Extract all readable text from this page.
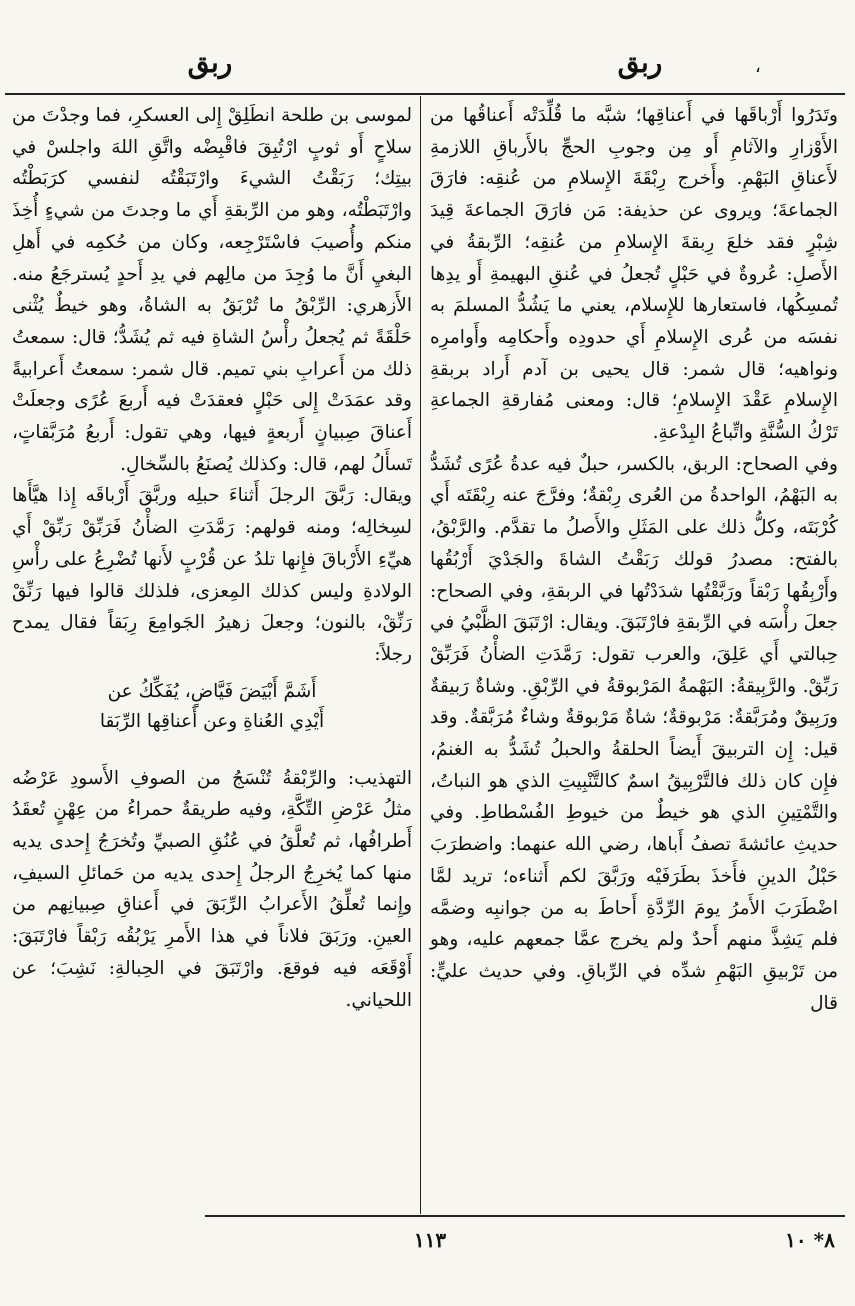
ربق	،
ربق

وتَدَرُوا أَرْباقَها في أَعناقِها؛ شبَّه ما قُلِّدَتْه أَعناقُها من الأَوْزارِ والآثامِ أَو مِن وجوبِ الحجِّ بالأَرباقِ اللازمةِ لأَعناقِ البَهْمِ. وأَخرج رِبْقَةَ الإِسلامِ من عُنقِه: فارَقَ الجماعةَ؛ ويروى عن حذيفة: مَن فارَقَ الجماعةَ قِيدَ شِبْرٍ فقد خلعَ رِبقةَ الإِسلامِ من عُنقِه؛ الرِّبقةُ في الأَصلِ: عُروةٌ في حَبْلٍ تُجعلُ في عُنقِ البهيمةِ أَو يدِها تُمسِكُها، فاستعارها للإِسلام، يعني ما يَشُدُّ المسلمَ به نفسَه من عُرى الإِسلامِ أَي حدودِه وأَحكامِه وأَوامرِه ونواهيه؛ قال شمر: قال يحيى بن آدم أَراد بربقةِ الإِسلامِ عَقْدَ الإِسلامِ؛ قال: ومعنى مُفارقةِ الجماعةِ تَرْكُ السُّنَّةِ واتِّباعُ البِدْعةِ.

وفي الصحاح: الربق، بالكسر، حبلٌ فيه عدةُ عُرًى تُشَدُّ به البَهْمُ، الواحدةُ من العُرى رِبْقةٌ؛ وفرَّجَ عنه رِبْقَتَه أَي كُرْبَتَه، وكلُّ ذلك على المَثَلِ والأَصلُ ما تقدَّم. والرَّبْقُ، بالفتح: مصدرُ قولك رَبَقْتُ الشاةَ والجَدْيَ أَرْبُقُها وأَرْبِقُها رَبْقاً ورَبَّقْتُها شدَدْتُها في الربقةِ، وفي الصحاح: جعلَ رأْسَه في الرِّبقةِ فارْتَبَقَ. ويقال: ارْتَبَقَ الظَّبْيُ في حِبالتي أَي عَلِقَ، والعرب تقول: رَمَّدَتِ الضأْنُ فَرَبِّقْ رَبِّقْ. والرَّبِيقةُ: البَهْمةُ المَرْبوقةُ في الرِّبْقِ. وشاةٌ رَبيقةٌ ورَبِيقٌ ومُرَبَّقةٌ: مَرْبوقةٌ؛ شاةٌ مَرْبوقةٌ وشاءٌ مُرَبَّقةٌ. وقد قيل: إِن التربيقَ أَيضاً الحلقةُ والحبلُ تُشَدُّ به الغنمُ، فإِن كان ذلك فالتَّرْبِيقُ اسمٌ كالتَّنْبِيتِ الذي هو النباتُ، والتَّمْتِينِ الذي هو خيطٌ من خيوطِ الفُسْطاطِ. وفي حديثِ عائشةَ تصفُ أَباها، رضي الله عنهما: واضطرَبَ حَبْلُ الدينِ فأَخذَ بطَرَفَيْه ورَبَّقَ لكم أَثناءه؛ تريد لمَّا اضْطَرَبَ الأَمرُ يومَ الرِّدَّةِ أَحاطَ به من جوانبِه وضمَّه فلم يَشِذَّ منهم أَحدٌ ولم يخرج عمَّا جمعهم عليه، وهو من تَرْبيقِ البَهْمِ شدِّه في الرِّباقِ. وفي حديث عليٍّ: قال

لموسى بن طلحة انطَلِقْ إِلى العسكرِ، فما وجدْتَ من سلاحٍ أَو ثوبٍ ارْتُبِقَ فاقْبِضْه واتَّقِ اللهَ واجلسْ في بيتِك؛ رَبَقْتُ الشيءَ وارْتَبَقْتُه لنفسي كرَبَطْتُه وارْتَبَطْتُه، وهو من الرِّبقةِ أَي ما وجدتَ من شيءٍ أُخِذَ منكم وأُصيبَ فاسْتَرْجِعه، وكان من حُكمِه في أَهلِ البغيِ أَنَّ ما وُجِدَ من مالِهم في يدِ أَحدٍ يُسترجَعُ منه. الأَزهري: الرِّبْقُ ما تُرْبَقُ به الشاةُ، وهو خيطٌ يُثْنى حَلْقَةً ثم يُجعلُ رأْسُ الشاةِ فيه ثم يُشَدُّ؛ قال: سمعتُ ذلك من أَعرابِ بني تميم. قال شمر: سمعتُ أَعرابيةً وقد عمَدَتْ إِلى حَبْلٍ فعقدَتْ فيه أَربعَ عُرًى وجعلَتْ أَعناقَ صِبيانٍ أَربعةٍ فيها، وهي تقول: أَربعُ مُرَبَّقاتٍ، تَسأَلُ لهم، قال: وكذلك يُصنَعُ بالسِّخالِ.

ويقال: رَبَّقَ الرجلَ أَثناءَ حبلِه وربَّقَ أَرْباقَه إِذا هيَّأَها لسِخالِه؛ ومنه قولهم: رَمَّدَتِ الضأْنُ فَرَبِّقْ رَبِّقْ أَي هيِّءِ الأَرْباقَ فإِنها تلدُ عن قُرْبٍ لأَنها تُضْرِعُ على رأْسِ الولادةِ وليس كذلك المِعزى، فلذلك قالوا فيها رَنِّقْ رَنِّقْ، بالنون؛ وجعلَ زهيرُ الجَوامِعَ رِبَقاً فقال يمدح رجلاً:

أَشَمَّ أَبْيَضَ فَيَّاضٍ، يُفَكِّكُ عن
أَيْدِي العُناةِ وعن أَعناقِها الرِّبَقا

التهذيب: والرِّبْقةُ تُنْسَجُ من الصوفِ الأَسودِ عَرْضُه مثلُ عَرْضِ التِّكَّةِ، وفيه طريقةٌ حمراءُ من عِهْنٍ تُعقَدُ أَطرافُها، ثم تُعلَّقُ في عُنُقِ الصبيِّ وتُخرَجُ إِحدى يديه منها كما يُخرِجُ الرجلُ إِحدى يديه من حَمائلِ السيفِ، وإِنما تُعلِّقُ الأَعرابُ الرِّبَقَ في أَعناقِ صِبيانِهم من العينِ. ورَبَقَ فلاناً في هذا الأَمرِ يَرْبُقُه رَبْقاً فارْتَبَقَ: أَوْقَعَه فيه فوقعَ. وارْتَبَقَ في الحِبالةِ: نَشِبَ؛ عن اللحياني.

١١٣	٨* ١٠
